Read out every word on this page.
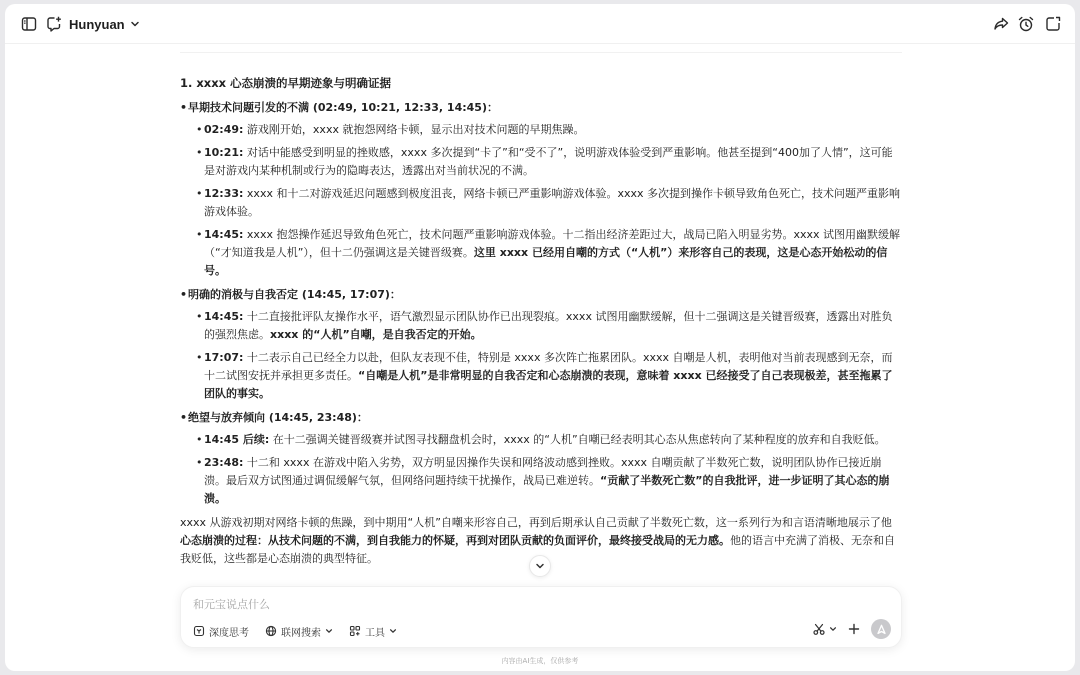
Hunyuan
1. xxxx 心态崩溃的早期迹象与明确证据

• 早期技术问题引发的不满 (02:49, 10:21, 12:33, 14:45)：

• 02:49: 游戏刚开始，xxxx 就抱怨网络卡顿，显示出对技术问题的早期焦躁。
• 10:21: 对话中能感受到明显的挫败感，xxxx 多次提到“卡了”和“受不了”，说明游戏体验受到严重影响。他甚至提到“400加了人情”，这可能是对游戏内某种机制或行为的隐晦表达，透露出对当前状况的不满。
• 12:33: xxxx 和十二对游戏延迟问题感到极度沮丧，网络卡顿已严重影响游戏体验。xxxx 多次提到操作卡顿导致角色死亡，技术问题严重影响游戏体验。
• 14:45: xxxx 抱怨操作延迟导致角色死亡，技术问题严重影响游戏体验。十二指出经济差距过大，战局已陷入明显劣势。xxxx 试图用幽默缓解（“才知道我是人机”），但十二仍强调这是关键晋级赛。这里 xxxx 已经用自嘲的方式（“人机”）来形容自己的表现，这是心态开始松动的信号。

• 明确的消极与自我否定 (14:45, 17:07)：

• 14:45: 十二直接批评队友操作水平，语气激烈显示团队协作已出现裂痕。xxxx 试图用幽默缓解，但十二强调这是关键晋级赛，透露出对胜负的强烈焦虑。xxxx 的“人机”自嘲，是自我否定的开始。
• 17:07: 十二表示自己已经全力以赴，但队友表现不佳，特别是 xxxx 多次阵亡拖累团队。xxxx 自嘲是人机，表明他对当前表现感到无奈，而十二试图安抚并承担更多责任。“自嘲是人机”是非常明显的自我否定和心态崩溃的表现，意味着 xxxx 已经接受了自己表现极差，甚至拖累了团队的事实。

• 绝望与放弃倾向 (14:45, 23:48)：

• 14:45 后续: 在十二强调关键晋级赛并试图寻找翻盘机会时，xxxx 的“人机”自嘲已经表明其心态从焦虑转向了某种程度的放弃和自我贬低。
• 23:48: 十二和 xxxx 在游戏中陷入劣势，双方明显因操作失误和网络波动感到挫败。xxxx 自嘲贡献了半数死亡数，说明团队协作已接近崩溃。最后双方试图通过调侃缓解气氛，但网络问题持续干扰操作，战局已难逆转。“贡献了半数死亡数”的自我批评，进一步证明了其心态的崩溃。

xxxx 从游戏初期对网络卡顿的焦躁，到中期用“人机”自嘲来形容自己，再到后期承认自己贡献了半数死亡数，这一系列行为和言语清晰地展示了他心态崩溃的过程：从技术问题的不满，到自我能力的怀疑，再到对团队贡献的负面评价，最终接受战局的无力感。他的语言中充满了消极、无奈和自我贬低，这些都是心态崩溃的典型特征。

和元宝说点什么
深度思考	联网搜索	工具
内容由AI生成，仅供参考
